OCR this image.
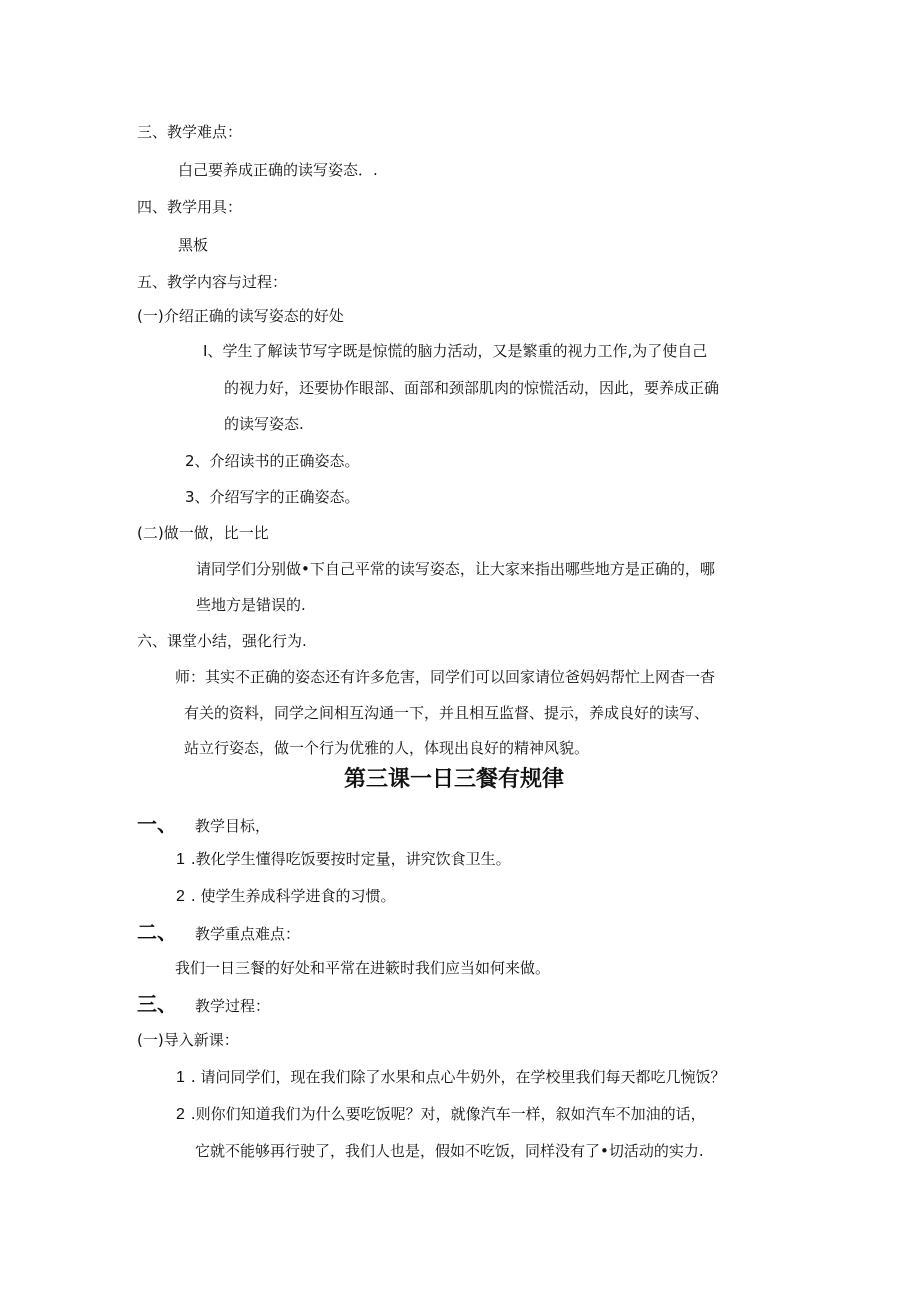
三、教学难点：
白己要养成正确的读写姿态．.
四、教学用具：
黑板
五、教学内容与过程：
(一)介绍正确的读写姿态的好处
I、学生了解读节写字既是惊慌的脑力活动，又是繁重的视力工作,为了使自己
的视力好，还要协作眼部、面部和颈部肌肉的惊慌活动，因此，要养成正确
的读写姿态.
2、介绍读书的正确姿态。
3、介绍写字的正确姿态。
(二)做一做，比一比
请同学们分别做•下自己平常的读写姿态，让大家来指出哪些地方是正确的，哪
些地方是错误的.
六、课堂小结，强化行为.
师：其实不正确的姿态还有许多危害，同学们可以回家请位爸妈妈帮忙上网杳一杳
有关的资料，同学之间相互沟通一下，并且相互监督、提示，养成良好的读写、
站立行姿态，做一个行为优雅的人，体现出良好的精神风貌。
第三课一日三餐有规律
一、 教学目标，
1 .教化学生懂得吃饭要按时定量，讲究饮食卫生。
2 . 使学生养成科学进食的习惯。
二、 教学重点难点：
我们一日三餐的好处和平常在进簌时我们应当如何来做。
三、 教学过程：
(一)导入新课：
1 . 请问同学们，现在我们除了水果和点心牛奶外，在学校里我们每天都吃几惋饭？
2 .则你们知道我们为什么要吃饭呢？对，就像汽车一样，叙如汽车不加油的话，
它就不能够再行驶了，我们人也是，假如不吃饭，同样没有了•切活动的实力.
